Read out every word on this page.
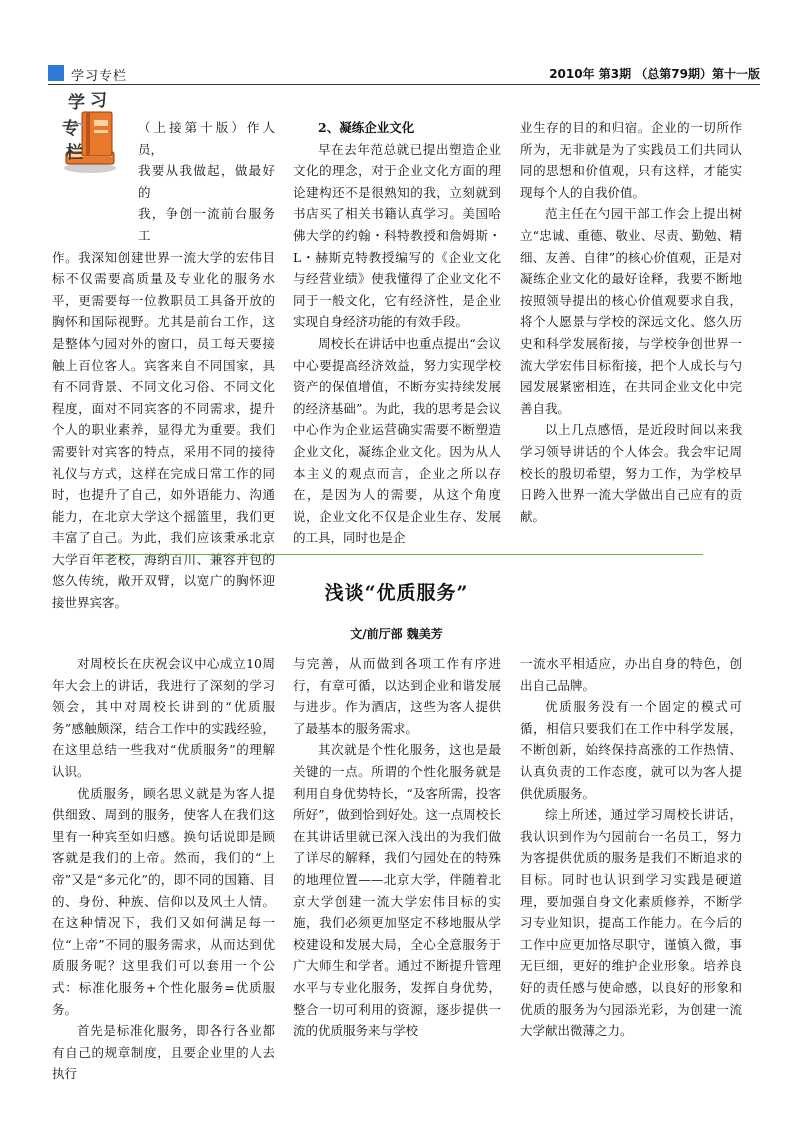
学习专栏	2010年 第3期 （总第79期）第十一版
学 习
专
栏
（上接第十版）作人员，
我要从我做起，做最好的
我，争创一流前台服务工

作。我深知创建世界一流大学的宏伟目标不仅需要高质量及专业化的服务水平，更需要每一位教职员工具备开放的胸怀和国际视野。尤其是前台工作，这是整体勺园对外的窗口，员工每天要接触上百位客人。宾客来自不同国家，具有不同背景、不同文化习俗、不同文化程度，面对不同宾客的不同需求，提升个人的职业素养，显得尤为重要。我们需要针对宾客的特点，采用不同的接待礼仪与方式，这样在完成日常工作的同时，也提升了自己，如外语能力、沟通能力，在北京大学这个摇篮里，我们更丰富了自己。为此，我们应该秉承北京大学百年老校，海纳百川、兼容并包的悠久传统，敞开双臂，以宽广的胸怀迎接世界宾客。

2、凝练企业文化

早在去年范总就已提出塑造企业文化的理念，对于企业文化方面的理论建构还不是很熟知的我，立刻就到书店买了相关书籍认真学习。美国哈佛大学的约翰・科特教授和詹姆斯・L・赫斯克特教授编写的《企业文化与经营业绩》使我懂得了企业文化不同于一般文化，它有经济性，是企业实现自身经济功能的有效手段。

周校长在讲话中也重点提出“会议中心要提高经济效益，努力实现学校资产的保值增值，不断夯实持续发展的经济基础”。为此，我的思考是会议中心作为企业运营确实需要不断塑造企业文化，凝练企业文化。因为从人本主义的观点而言，企业之所以存在，是因为人的需要，从这个角度说，企业文化不仅是企业生存、发展的工具，同时也是企

业生存的目的和归宿。企业的一切所作所为，无非就是为了实践员工们共同认同的思想和价值观，只有这样，才能实现每个人的自我价值。

范主任在勺园干部工作会上提出树立“忠诚、重德、敬业、尽责、勤勉、精细、友善、自律”的核心价值观，正是对凝练企业文化的最好诠释，我要不断地按照领导提出的核心价值观要求自我，将个人愿景与学校的深远文化、悠久历史和科学发展衔接，与学校争创世界一流大学宏伟目标衔接，把个人成长与勺园发展紧密相连，在共同企业文化中完善自我。

以上几点感悟，是近段时间以来我学习领导讲话的个人体会。我会牢记周校长的殷切希望，努力工作，为学校早日跨入世界一流大学做出自己应有的贡献。

浅谈“优质服务”
文/前厅部 魏美芳

对周校长在庆祝会议中心成立10周年大会上的讲话，我进行了深刻的学习领会，其中对周校长讲到的“优质服务”感触颇深，结合工作中的实践经验，在这里总结一些我对“优质服务”的理解认识。

优质服务，顾名思义就是为客人提供细致、周到的服务，使客人在我们这里有一种宾至如归感。换句话说即是顾客就是我们的上帝。然而，我们的“上帝”又是“多元化”的，即不同的国籍、目的、身份、种族、信仰以及风土人情。在这种情况下，我们又如何满足每一位“上帝”不同的服务需求，从而达到优质服务呢？这里我们可以套用一个公式：标准化服务+个性化服务=优质服务。

首先是标准化服务，即各行各业都有自己的规章制度，且要企业里的人去执行

与完善，从而做到各项工作有序进行，有章可循，以达到企业和谐发展与进步。作为酒店，这些为客人提供了最基本的服务需求。

其次就是个性化服务，这也是最关键的一点。所谓的个性化服务就是利用自身优势特长，“及客所需，投客所好”，做到恰到好处。这一点周校长在其讲话里就已深入浅出的为我们做了详尽的解释，我们勺园处在的特殊的地理位置——北京大学，伴随着北京大学创建一流大学宏伟目标的实施，我们必须更加坚定不移地服从学校建设和发展大局，全心全意服务于广大师生和学者。通过不断提升管理水平与专业化服务，发挥自身优势，整合一切可利用的资源，逐步提供一流的优质服务来与学校

一流水平相适应，办出自身的特色，创出自己品牌。

优质服务没有一个固定的模式可循，相信只要我们在工作中科学发展，不断创新，始终保持高涨的工作热情、认真负责的工作态度，就可以为客人提供优质服务。

综上所述，通过学习周校长讲话，我认识到作为勺园前台一名员工，努力为客提供优质的服务是我们不断追求的目标。同时也认识到学习实践是硬道理，要加强自身文化素质修养，不断学习专业知识，提高工作能力。在今后的工作中应更加恪尽职守，谨慎入微，事无巨细，更好的维护企业形象。培养良好的责任感与使命感，以良好的形象和优质的服务为勺园添光彩，为创建一流大学献出微薄之力。
